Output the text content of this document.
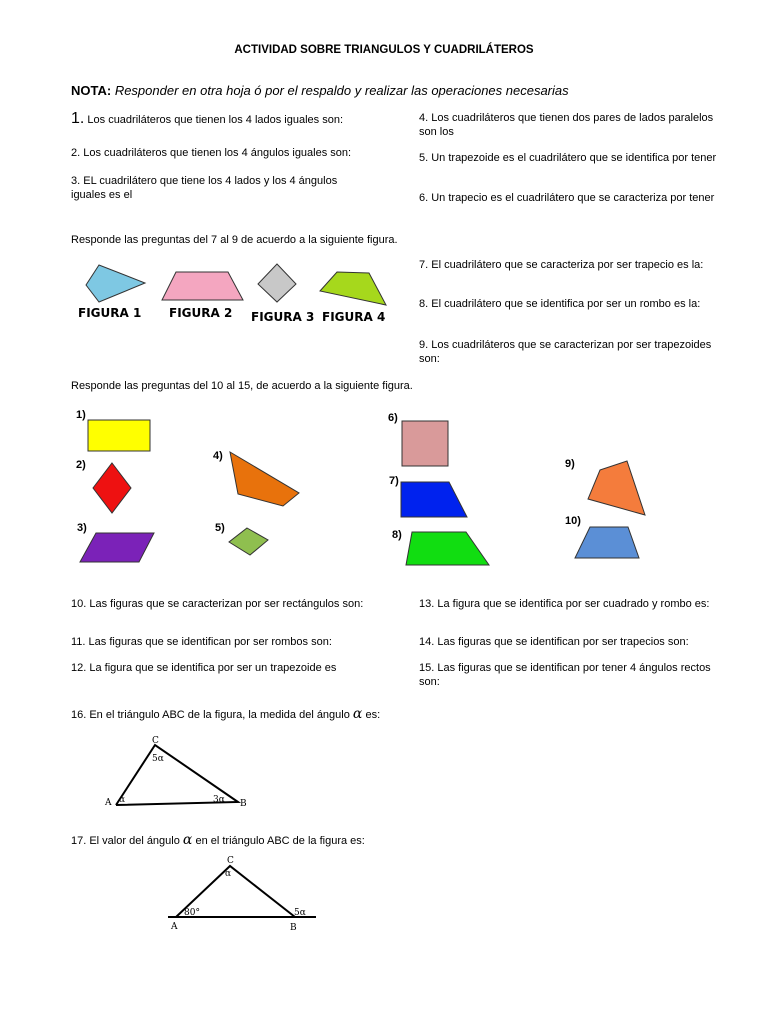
ACTIVIDAD SOBRE TRIANGULOS Y CUADRILÁTEROS
NOTA: Responder en otra hoja ó por el respaldo y realizar las operaciones necesarias
1. Los cuadriláteros que tienen los 4 lados iguales son:
2. Los cuadriláteros que tienen los 4 ángulos iguales son:
3. EL cuadrilátero que tiene los 4 lados y los 4 ángulos iguales es el
4. Los cuadriláteros que tienen dos pares de lados paralelos son los
5. Un trapezoide es el cuadrilátero que se identifica por tener
6. Un trapecio es el cuadrilátero que se caracteriza por tener
Responde las preguntas del 7 al 9 de acuerdo a la siguiente figura.
7. El cuadrilátero que se caracteriza por ser trapecio es la:
8. El cuadrilátero que se identifica por ser un rombo es la:
9. Los cuadriláteros que se caracterizan por ser trapezoides son:
Responde las preguntas del 10 al 15, de acuerdo a la siguiente figura.
10. Las figuras que se caracterizan por ser rectángulos son:
11. Las figuras que se identifican por ser rombos son:
12. La figura que se identifica por ser un trapezoide es
13. La figura que se identifica por ser cuadrado y rombo es:
14. Las figuras que se identifican por ser trapecios son:
15. Las figuras que se identifican por tener 4 ángulos rectos son:
16. En el triángulo ABC de la figura, la medida del ángulo α es:
17. El valor del ángulo α en el triángulo ABC de la figura es:
FIGURA 1 FIGURA 2 FIGURA 3 FIGURA 4
1)
2)
3)
4)
5)
6)
7)
8)
9)
10)
C
A	B
5α
α	3α
C
A	B
α
80°	5α
